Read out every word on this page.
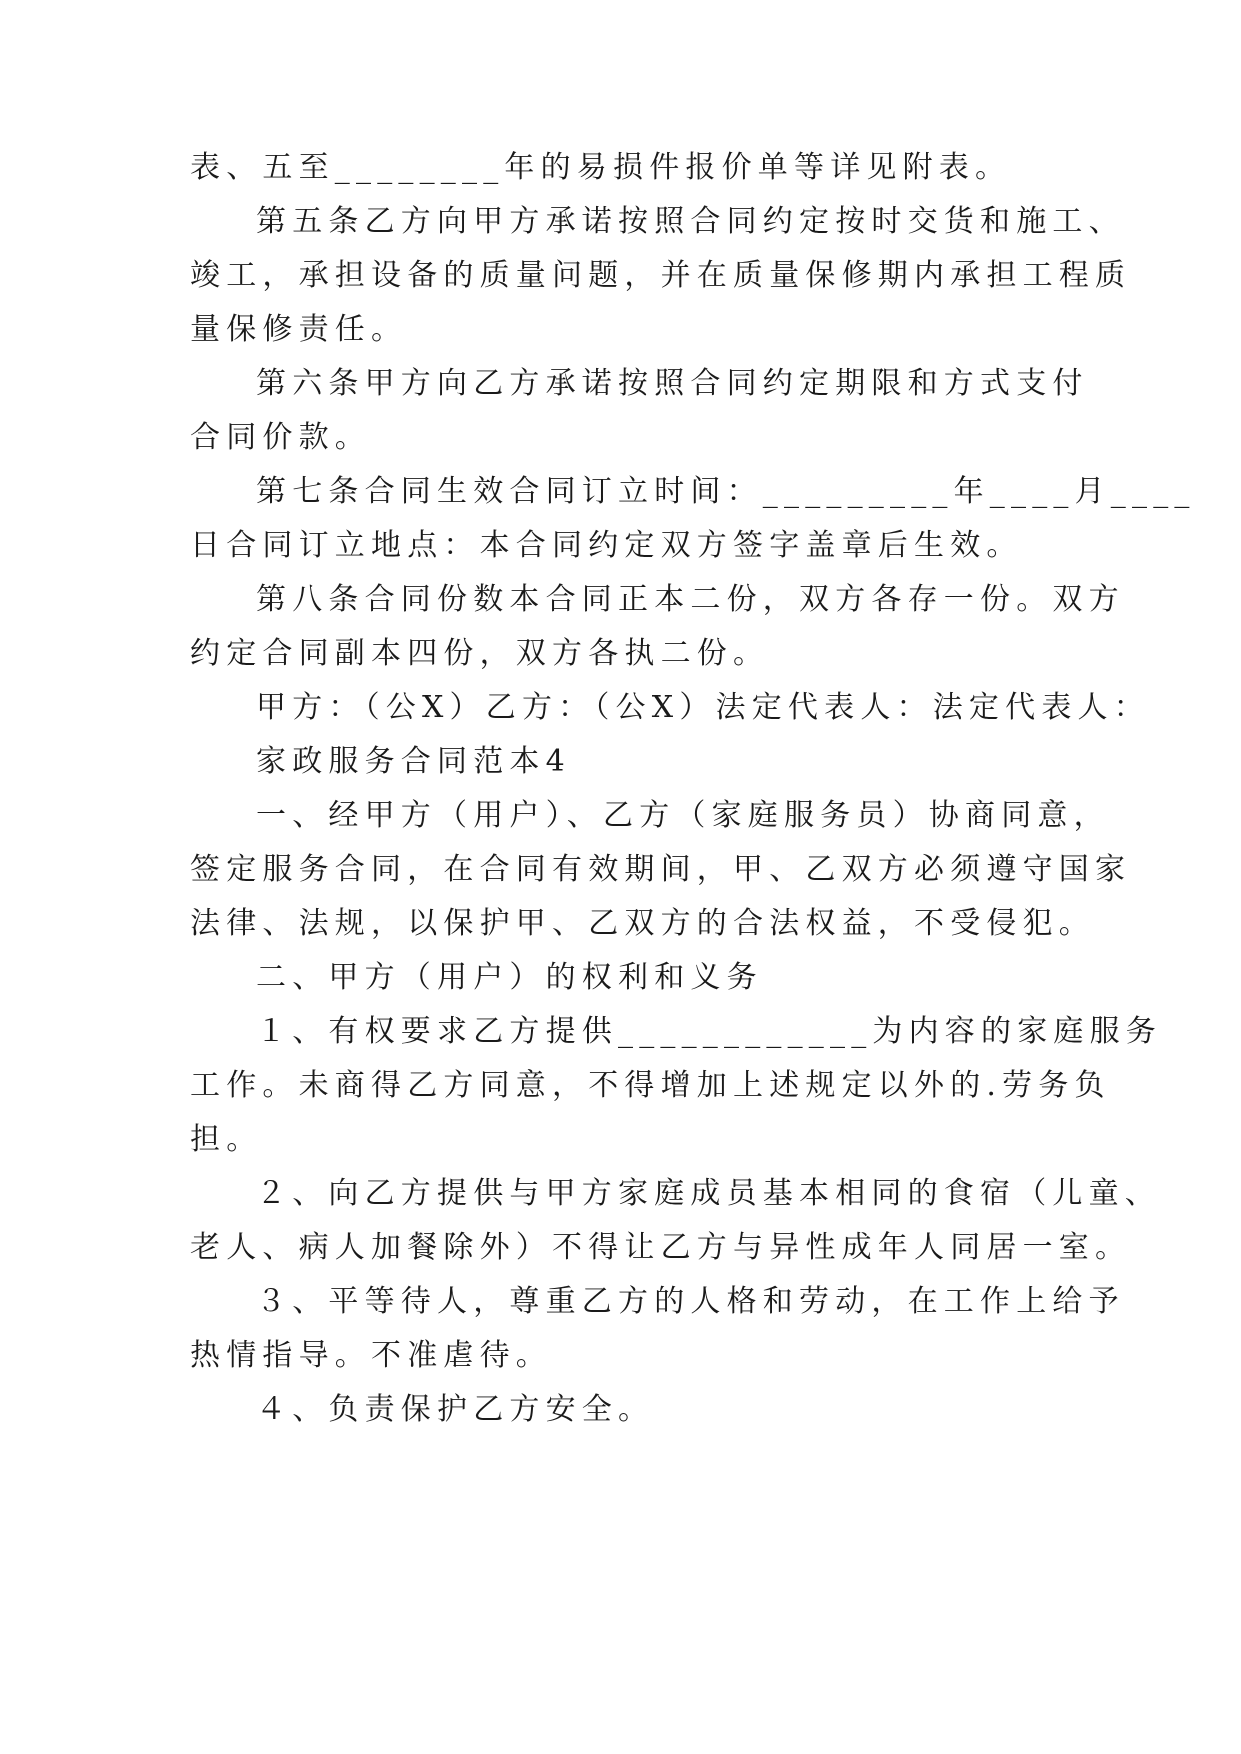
表、五至________年的易损件报价单等详见附表。
第五条乙方向甲方承诺按照合同约定按时交货和施工、
竣工，承担设备的质量问题，并在质量保修期内承担工程质
量保修责任。
第六条甲方向乙方承诺按照合同约定期限和方式支付
合同价款。
第七条合同生效合同订立时间：_________年____月____
日合同订立地点：本合同约定双方签字盖章后生效。
第八条合同份数本合同正本二份，双方各存一份。双方
约定合同副本四份，双方各执二份。
甲方：（公X）乙方：（公X）法定代表人：法定代表人：
家政服务合同范本4
一、经甲方（用户）、乙方（家庭服务员）协商同意，
签定服务合同，在合同有效期间，甲、乙双方必须遵守国家
法律、法规，以保护甲、乙双方的合法权益，不受侵犯。
二、甲方（用户）的权利和义务
１、有权要求乙方提供____________为内容的家庭服务
工作。未商得乙方同意，不得增加上述规定以外的.劳务负
担。
２、向乙方提供与甲方家庭成员基本相同的食宿（儿童、
老人、病人加餐除外）不得让乙方与异性成年人同居一室。
３、平等待人，尊重乙方的人格和劳动，在工作上给予
热情指导。不准虐待。
４、负责保护乙方安全。
